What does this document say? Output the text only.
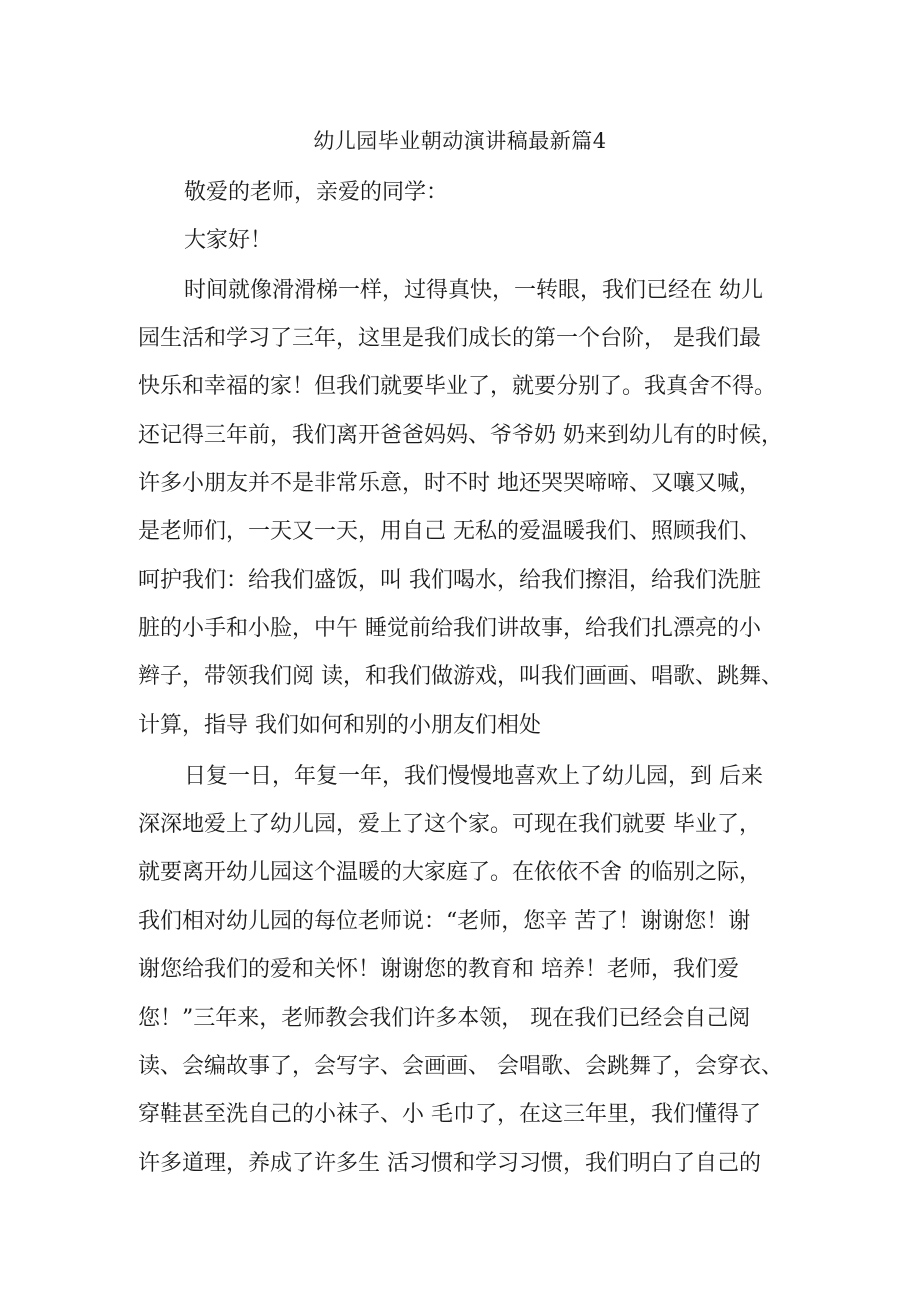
幼儿园毕业朝动演讲稿最新篇4
敬爱的老师，亲爱的同学：
大家好！
时间就像滑滑梯一样，过得真快，一转眼，我们已经在 幼儿
园生活和学习了三年，这里是我们成长的第一个台阶， 是我们最
快乐和幸福的家！但我们就要毕业了，就要分别了。我真舍不得。
还记得三年前，我们离开爸爸妈妈、爷爷奶 奶来到幼儿有的时候，
许多小朋友并不是非常乐意，时不时 地还哭哭啼啼、又嚷又喊，
是老师们，一天又一天，用自己 无私的爱温暖我们、照顾我们、
呵护我们：给我们盛饭，叫 我们喝水，给我们擦泪，给我们洗脏
脏的小手和小脸，中午 睡觉前给我们讲故事，给我们扎漂亮的小
辫子，带领我们阅 读，和我们做游戏，叫我们画画、唱歌、跳舞、
计算，指导 我们如何和别的小朋友们相处
日复一日，年复一年，我们慢慢地喜欢上了幼儿园，到 后来
深深地爱上了幼儿园，爱上了这个家。可现在我们就要 毕业了，
就要离开幼儿园这个温暖的大家庭了。在依依不舍 的临别之际，
我们相对幼儿园的每位老师说：“老师，您辛 苦了！谢谢您！谢
谢您给我们的爱和关怀！谢谢您的教育和 培养！老师，我们爱
您！”三年来，老师教会我们许多本领， 现在我们已经会自己阅
读、会编故事了，会写字、会画画、 会唱歌、会跳舞了，会穿衣、
穿鞋甚至洗自己的小袜子、小 毛巾了，在这三年里，我们懂得了
许多道理，养成了许多生 活习惯和学习习惯，我们明白了自己的
